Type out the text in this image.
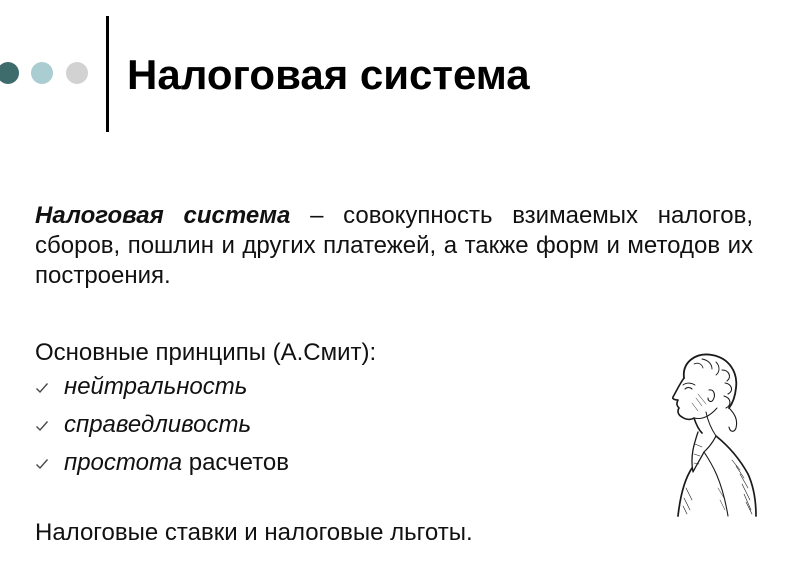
Налоговая система

Налоговая система – совокупность взимаемых налогов, сборов, пошлин и других платежей, а также форм и методов их построения.

Основные принципы (А.Смит):

нейтральность
справедливость
простота расчетов

Налоговые ставки и налоговые льготы.
